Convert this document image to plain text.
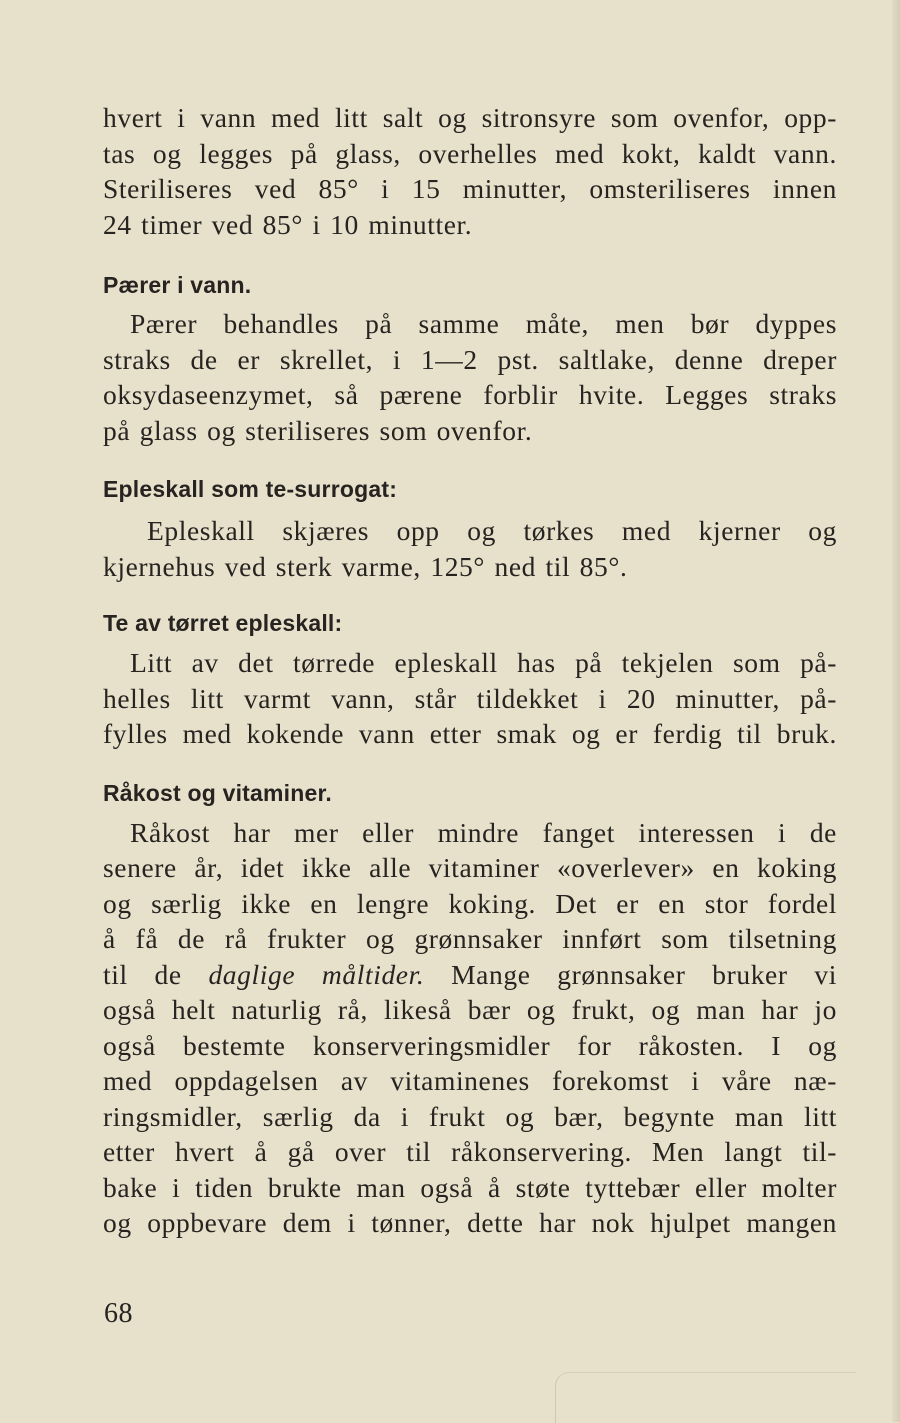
hvert i vann med litt salt og sitronsyre som ovenfor, opp-
tas og legges på glass, overhelles med kokt, kaldt vann.
Steriliseres ved 85° i 15 minutter, omsteriliseres innen
24 timer ved 85° i 10 minutter.

Pærer i vann.

Pærer behandles på samme måte, men bør dyppes
straks de er skrellet, i 1—2 pst. saltlake, denne dreper
oksydaseenzymet, så pærene forblir hvite. Legges straks
på glass og steriliseres som ovenfor.

Epleskall som te-surrogat:

Epleskall skjæres opp og tørkes med kjerner og
kjernehus ved sterk varme, 125° ned til 85°.

Te av tørret epleskall:

Litt av det tørrede epleskall has på tekjelen som på-
helles litt varmt vann, står tildekket i 20 minutter, på-
fylles med kokende vann etter smak og er ferdig til bruk.

Råkost og vitaminer.

Råkost har mer eller mindre fanget interessen i de
senere år, idet ikke alle vitaminer «overlever» en koking
og særlig ikke en lengre koking. Det er en stor fordel
å få de rå frukter og grønnsaker innført som tilsetning
til de daglige måltider. Mange grønnsaker bruker vi
også helt naturlig rå, likeså bær og frukt, og man har jo
også bestemte konserveringsmidler for råkosten. I og
med oppdagelsen av vitaminenes forekomst i våre næ-
ringsmidler, særlig da i frukt og bær, begynte man litt
etter hvert å gå over til råkonservering. Men langt til-
bake i tiden brukte man også å støte tyttebær eller molter
og oppbevare dem i tønner, dette har nok hjulpet mangen

68
